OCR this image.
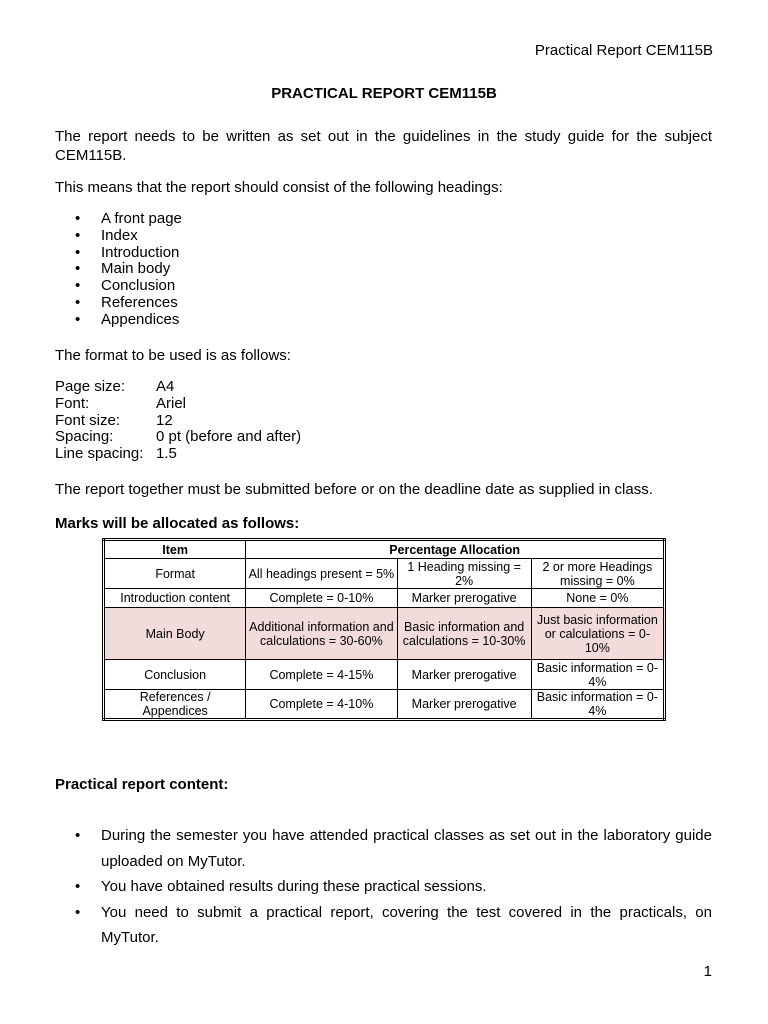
Practical Report CEM115B
PRACTICAL REPORT CEM115B
The report needs to be written as set out in the guidelines in the study guide for the subject CEM115B.
This means that the report should consist of the following headings:
• A front page
• Index
• Introduction
• Main body
• Conclusion
• References
• Appendices
The format to be used is as follows:
Page size: A4
Font:	Ariel
Font size: 12
Spacing:	0 pt (before and after)
Line spacing: 1.5
The report together must be submitted before or on the deadline date as supplied in class.
Marks will be allocated as follows:
Item	Percentage Allocation		
Format	All headings present = 5%	1 Heading missing = 2%	2 or more Headings missing = 0%
Introduction content	Complete = 0-10%	Marker prerogative	None = 0%
Main Body	Additional information and calculations = 30-60%	Basic information and calculations = 10-30%	Just basic information or calculations = 0-10%
Conclusion	Complete = 4-15%	Marker prerogative	Basic information = 0-4%
References / Appendices	Complete = 4-10%	Marker prerogative	Basic information = 0-4%
Practical report content:
• During the semester you have attended practical classes as set out in the laboratory guide uploaded on MyTutor.
• You have obtained results during these practical sessions.
• You need to submit a practical report, covering the test covered in the practicals, on MyTutor.
1
